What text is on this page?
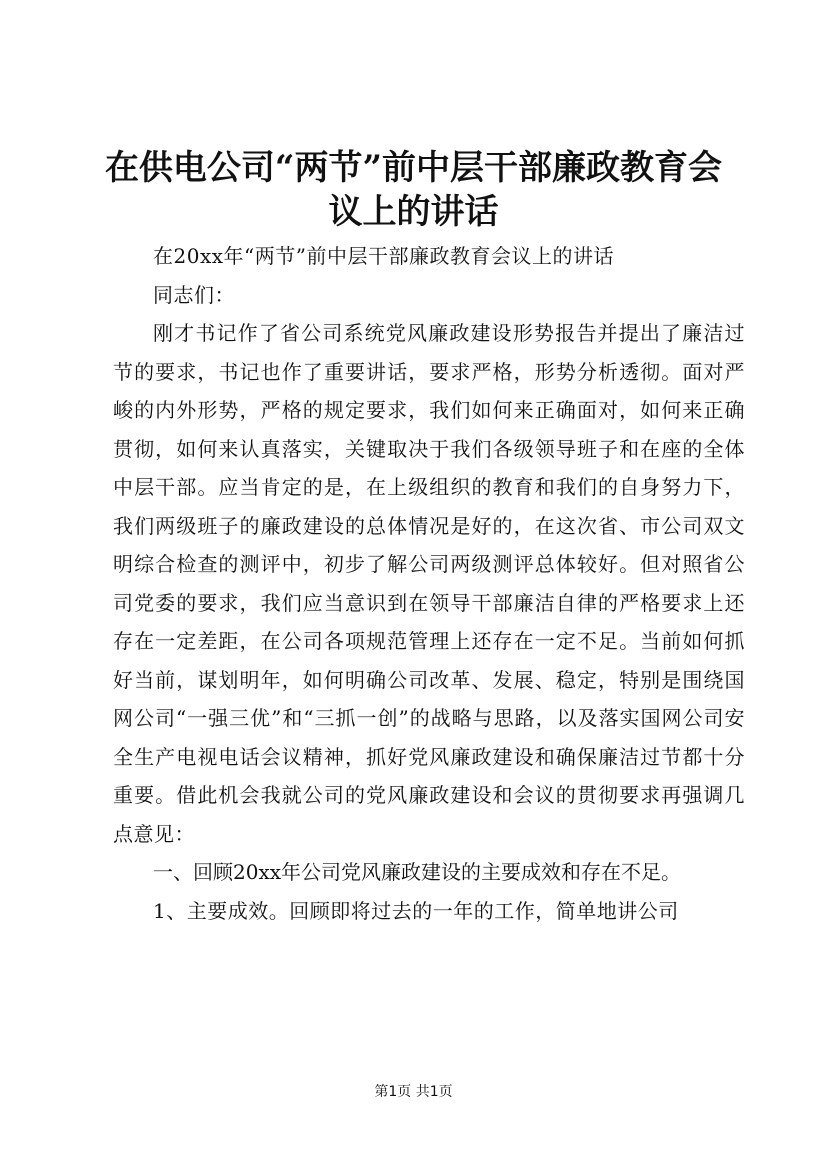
在供电公司“两节”前中层干部廉政教育会议上的讲话

在20xx年“两节”前中层干部廉政教育会议上的讲话

同志们：

刚才书记作了省公司系统党风廉政建设形势报告并提出了廉洁过节的要求，书记也作了重要讲话，要求严格，形势分析透彻。面对严峻的内外形势，严格的规定要求，我们如何来正确面对，如何来正确贯彻，如何来认真落实，关键取决于我们各级领导班子和在座的全体中层干部。应当肯定的是，在上级组织的教育和我们的自身努力下，我们两级班子的廉政建设的总体情况是好的，在这次省、市公司双文明综合检查的测评中，初步了解公司两级测评总体较好。但对照省公司党委的要求，我们应当意识到在领导干部廉洁自律的严格要求上还存在一定差距，在公司各项规范管理上还存在一定不足。当前如何抓好当前，谋划明年，如何明确公司改革、发展、稳定，特别是围绕国网公司“一强三优”和“三抓一创”的战略与思路，以及落实国网公司安全生产电视电话会议精神，抓好党风廉政建设和确保廉洁过节都十分重要。借此机会我就公司的党风廉政建设和会议的贯彻要求再强调几点意见：

一、回顾20xx年公司党风廉政建设的主要成效和存在不足。

1、主要成效。回顾即将过去的一年的工作，简单地讲公司

第1页 共1页
